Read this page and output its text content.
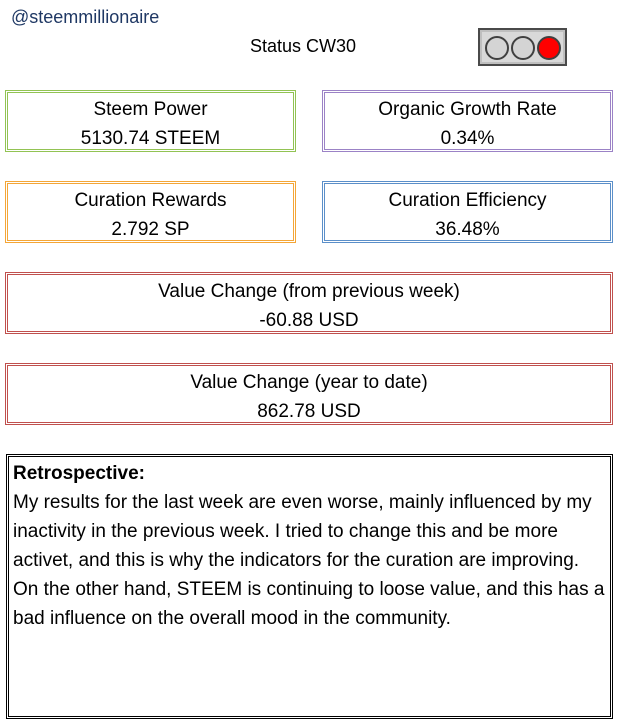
@steemmillionaire
Status CW30
Steem Power
5130.74 STEEM
Organic Growth Rate
0.34%
Curation Rewards
2.792 SP
Curation Efficiency
36.48%
Value Change (from previous week)
-60.88 USD
Value Change (year to date)
862.78 USD
Retrospective:

My results for the last week are even worse, mainly influenced by my inactivity in the previous week. I tried to change this and be more activet, and this is why the indicators for the curation are improving.

On the other hand, STEEM is continuing to loose value, and this has a bad influence on the overall mood in the community.
